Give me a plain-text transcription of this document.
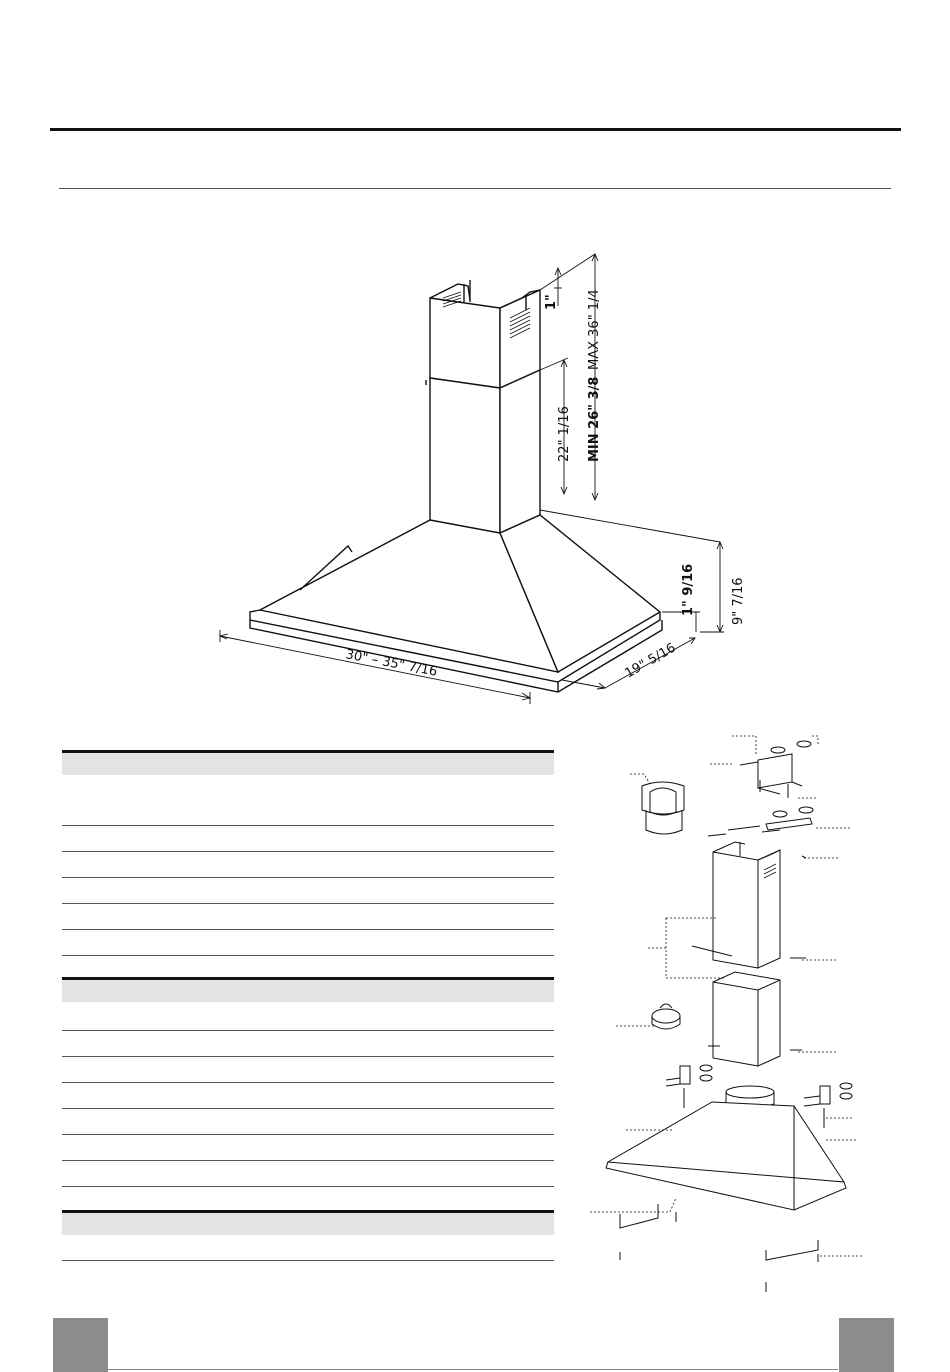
30" – 35" 7/16	19" 5/16
9" 7/16
1" 9/16
1" MAX 36" 1/4
MIN 26" 3/8
22" 1/16
